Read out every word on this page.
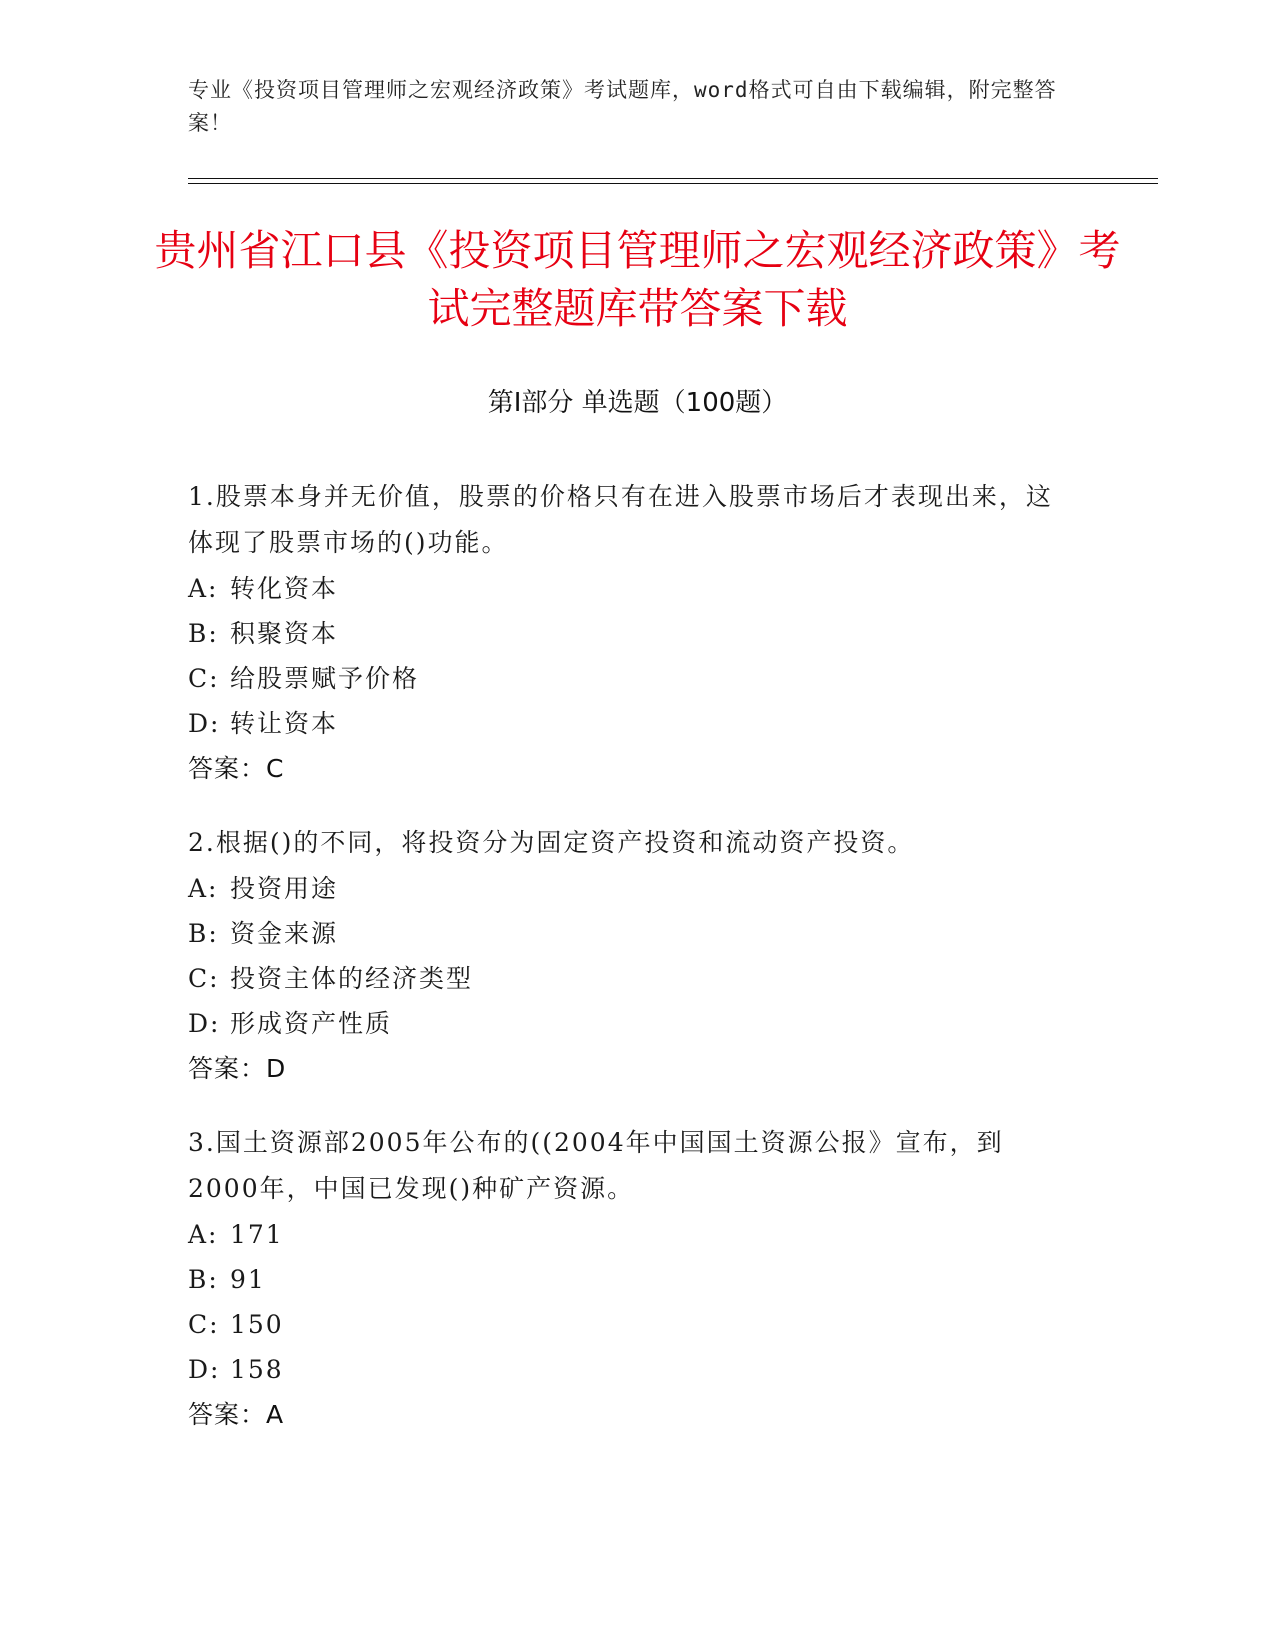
专业《投资项目管理师之宏观经济政策》考试题库，word格式可自由下载编辑，附完整答案！
贵州省江口县《投资项目管理师之宏观经济政策》考试完整题库带答案下载
第Ⅰ部分 单选题（100题）
1.股票本身并无价值，股票的价格只有在进入股票市场后才表现出来，这体现了股票市场的()功能。
A: 转化资本
B: 积聚资本
C: 给股票赋予价格
D: 转让资本
答案：C
2.根据()的不同，将投资分为固定资产投资和流动资产投资。
A: 投资用途
B: 资金来源
C: 投资主体的经济类型
D: 形成资产性质
答案：D
3.国土资源部2005年公布的((2004年中国国土资源公报》宣布，到2000年，中国已发现()种矿产资源。
A: 171
B: 91
C: 150
D: 158
答案：A
